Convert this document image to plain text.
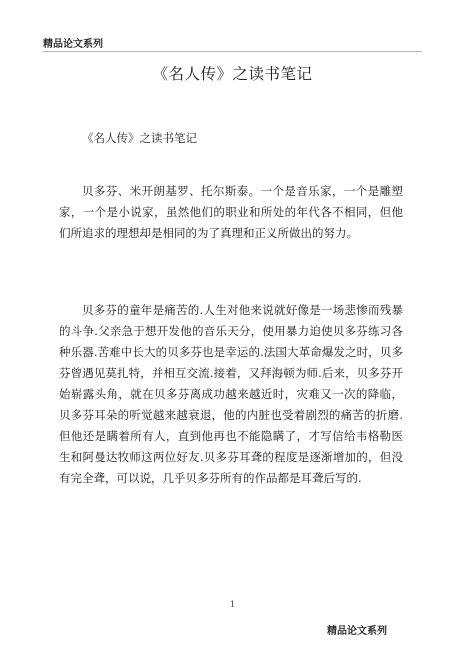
精品论文系列
《名人传》之读书笔记

《名人传》之读书笔记

贝多芬、米开朗基罗、托尔斯泰。一个是音乐家，一个是雕塑家，一个是小说家，虽然他们的职业和所处的年代各不相同，但他们所追求的理想却是相同的为了真理和正义所做出的努力。

贝多芬的童年是痛苦的.人生对他来说就好像是一场悲惨而残暴的斗争.父亲急于想开发他的音乐天分，使用暴力迫使贝多芬练习各种乐器.苦难中长大的贝多芬也是幸运的.法国大革命爆发之时，贝多芬曾遇见莫扎特，并相互交流.接着，又拜海顿为师.后来，贝多芬开始崭露头角，就在贝多芬离成功越来越近时，灾难又一次的降临，贝多芬耳朵的听觉越来越衰退，他的内脏也受着剧烈的痛苦的折磨.但他还是瞒着所有人，直到他再也不能隐瞒了，才写信给韦格勒医生和阿曼达牧师这两位好友.贝多芬耳聋的程度是逐渐增加的，但没有完全聋，可以说，几乎贝多芬所有的作品都是耳聋后写的.

1
精品论文系列
